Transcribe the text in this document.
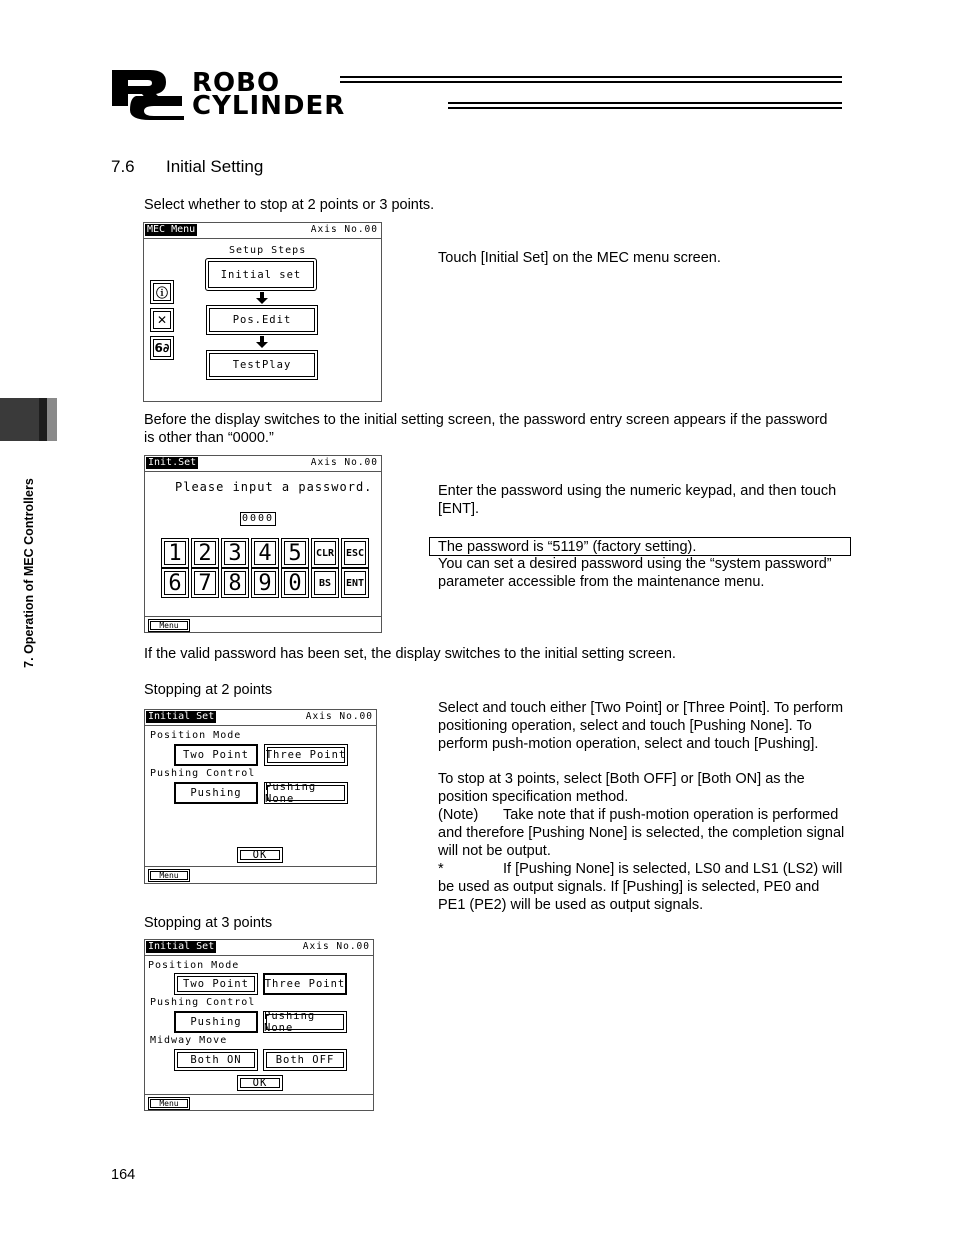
ROBO
CYLINDER
7. Operation of MEC Controllers
7.6 Initial Setting
Select whether to stop at 2 points or 3 points.
MEC Menu	Axis No.00
Setup Steps
Initial set
Pos.Edit
TestPlay
ⓘ
✕
6∂
Touch [Initial Set] on the MEC menu screen.
Before the display switches to the initial setting screen, the password entry screen appears if the password is other than “0000.”
Init.Set	Axis No.00
Please input a password.
0000
1 2 3 4 5	CLR	ESC
6 7 8 9 0	BS	ENT
Menu
Enter the password using the numeric keypad, and then touch [ENT].
The password is “5119” (factory setting).
You can set a desired password using the “system password” parameter accessible from the maintenance menu.
If the valid password has been set, the display switches to the initial setting screen.
Stopping at 2 points
Initial Set	Axis No.00
Position Mode
Two Point	Three Point
Pushing Control
Pushing	Pushing None
OK
Menu
Select and touch either [Two Point] or [Three Point]. To perform positioning operation, select and touch [Pushing None]. To perform push-motion operation, select and touch [Pushing].
To stop at 3 points, select [Both OFF] or [Both ON] as the position specification method.
(Note)	Take note that if push-motion operation is performed and therefore [Pushing None] is selected, the completion signal will not be output.
*	If [Pushing None] is selected, LS0 and LS1 (LS2) will be used as output signals. If [Pushing] is selected, PE0 and PE1 (PE2) will be used as output signals.
Stopping at 3 points
Initial Set	Axis No.00
Position Mode
Two Point	Three Point
Pushing Control
Pushing	Pushing None
Midway Move
Both ON	Both OFF
OK
Menu
164
